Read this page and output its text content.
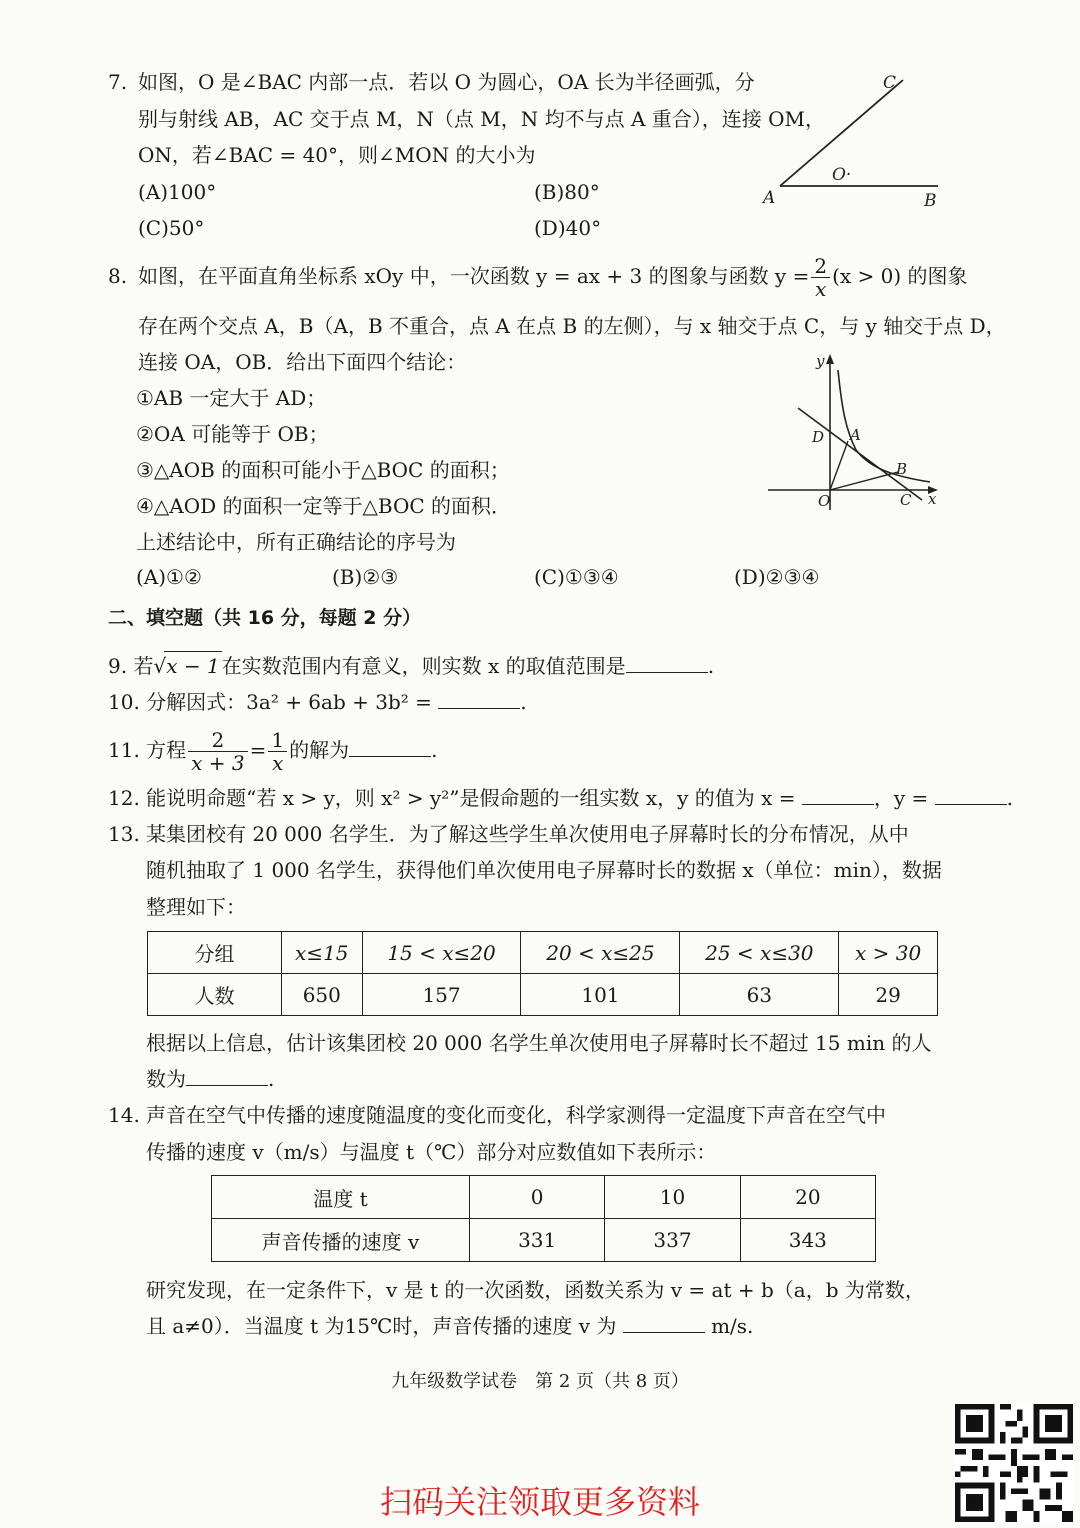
7. 如图，O 是∠BAC 内部一点．若以 O 为圆心，OA 长为半径画弧，分
别与射线 AB，AC 交于点 M，N（点 M，N 均不与点 A 重合），连接 OM，
ON，若∠BAC = 40°，则∠MON 的大小为
(A)100°	(B)80°
(C)50°	(D)40°
C
O·
A	B
8. 如图，在平面直角坐标系 xOy 中，一次函数 y = ax + 3 的图象与函数 $y = \frac{2}{x} (x > 0)$ 的图象
存在两个交点 A，B（A，B 不重合，点 A 在点 B 的左侧），与 x 轴交于点 C，与 y 轴交于点 D，
连接 OA，OB．给出下面四个结论：
①AB 一定大于 AD；
②OA 可能等于 OB；
③△AOB 的面积可能小于△BOC 的面积；
④△AOD 的面积一定等于△BOC 的面积．
上述结论中，所有正确结论的序号为
(A)①②	(B)②③	(C)①③④	(D)②③④
y
D A
B
O	C x
二、填空题（共 16 分，每题 2 分）
9. 若√x − 1 在实数范围内有意义，则实数 x 的取值范围是	.
10. 分解因式：3a² + 6ab + 3b² =	.
11. 方程 $\frac{2}{x + 3} = \frac{1}{x}$ 的解为	.
12. 能说明命题“若 x > y，则 x² > y²”是假命题的一组实数 x，y 的值为 x =	，y =	.
13. 某集团校有 20 000 名学生．为了解这些学生单次使用电子屏幕时长的分布情况，从中
随机抽取了 1 000 名学生，获得他们单次使用电子屏幕时长的数据 x（单位：min），数据
整理如下：
分组	x≤15	15 < x≤20	20 < x≤25	25 < x≤30	x > 30
人数	650	157	101	63	29
根据以上信息，估计该集团校 20 000 名学生单次使用电子屏幕时长不超过 15 min 的人
数为	.
14. 声音在空气中传播的速度随温度的变化而变化，科学家测得一定温度下声音在空气中
传播的速度 v（m/s）与温度 t（℃）部分对应数值如下表所示：
温度 t	0	10	20
声音传播的速度 v	331	337	343
研究发现，在一定条件下，v 是 t 的一次函数，函数关系为 v = at + b（a，b 为常数，
且 a≠0）．当温度 t 为15℃时，声音传播的速度 v 为	m/s.
九年级数学试卷　第 2 页（共 8 页）
扫码关注领取更多资料
